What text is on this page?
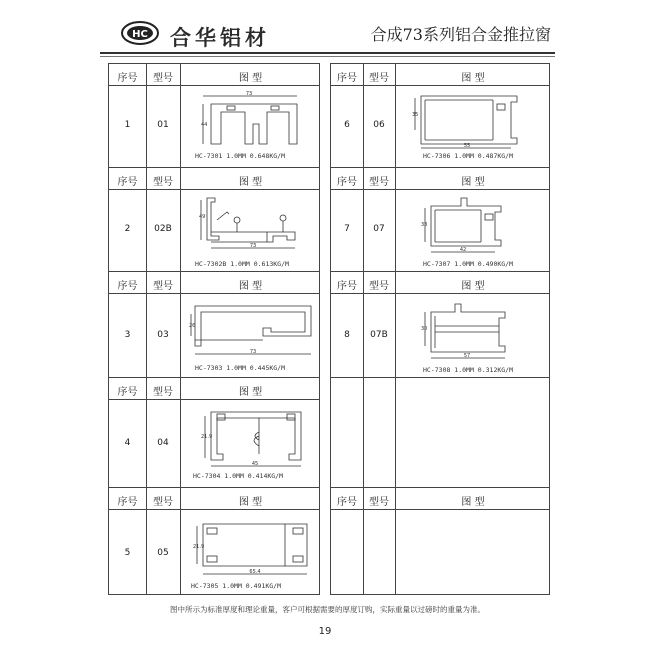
HC 合华铝材	合成73系列铝合金推拉窗
序号	型号	图 型
1	01
73
44
HC-7301 1.0MM 0.648KG/M
序号	型号	图 型
2	02B
49
73
HC-7302B 1.0MM 0.613KG/M
序号	型号	图 型
3	03
26
73
HC-7303 1.0MM 0.445KG/M
序号	型号	图 型
4	04
21.9
45
HC-7304 1.0MM 0.414KG/M
序号	型号	图 型
5	05
21.9
65.4
HC-7305 1.0MM 0.491KG/M
序号	型号	图 型
6	06
35
55
HC-7306 1.0MM 0.487KG/M
序号	型号	图 型
7	07	33
42
HC-7307 1.0MM 0.490KG/M
序号	型号	图 型
8	07B
30
57
HC-7308 1.0MM 0.312KG/M
序号	型号	图 型
图中所示为标准厚度和理论重量，客户可根据需要的厚度订购，实际重量以过磅时的重量为准。
19
